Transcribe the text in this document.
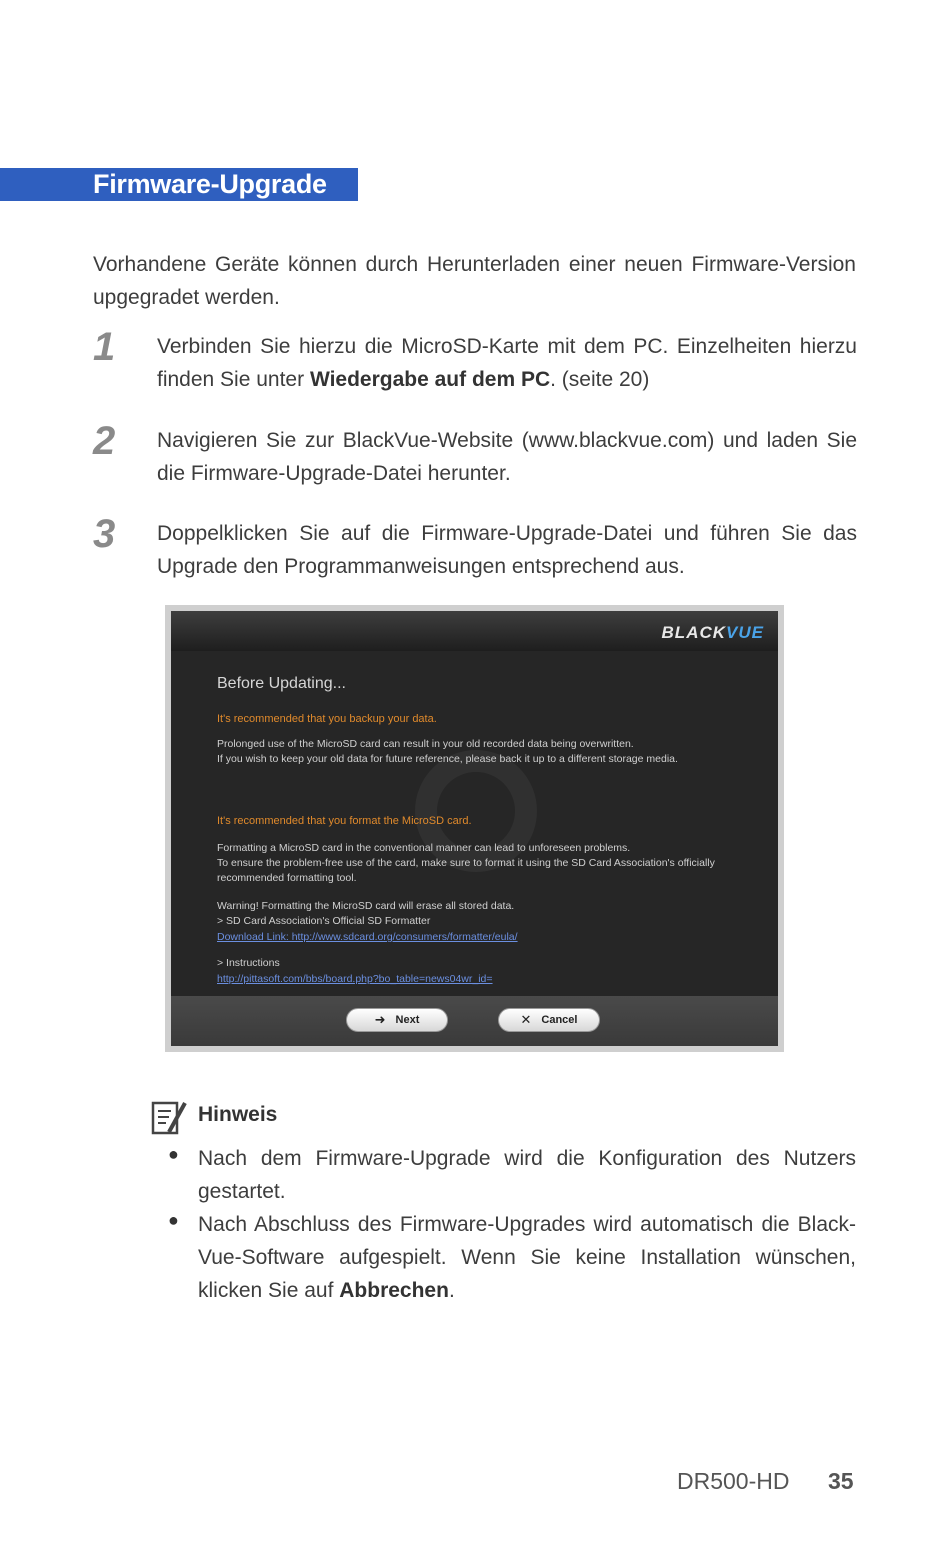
Firmware-Upgrade
Vorhandene Geräte können durch Herunterladen einer neuen Firmware-Version upgegradet werden.
1 Verbinden Sie hierzu die MicroSD-Karte mit dem PC. Einzelheiten hierzu finden Sie unter Wiedergabe auf dem PC. (seite 20)
2 Navigieren Sie zur BlackVue-Website (www.blackvue.com) und laden Sie die Firmware-Upgrade-Datei herunter.
3 Doppelklicken Sie auf die Firmware-Upgrade-Datei und führen Sie das Upgrade den Programmanweisungen entsprechend aus.
BLACKVUE
Before Updating...
It's recommended that you backup your data.
Prolonged use of the MicroSD card can result in your old recorded data being overwritten.
If you wish to keep your old data for future reference, please back it up to a different storage media.
It's recommended that you format the MicroSD card.
Formatting a MicroSD card in the conventional manner can lead to unforeseen problems.
To ensure the problem-free use of the card, make sure to format it using the SD Card Association's officially recommended formatting tool.
Warning! Formatting the MicroSD card will erase all stored data.
> SD Card Association's Official SD Formatter
Download Link: http://www.sdcard.org/consumers/formatter/eula/
> Instructions
http://pittasoft.com/bbs/board.php?bo_table=news04wr_id=
➜ Next	✕ Cancel
Hinweis
● Nach dem Firmware-Upgrade wird die Konfiguration des Nutzers gestartet.
● Nach Abschluss des Firmware-Upgrades wird automatisch die Black-Vue-Software aufgespielt. Wenn Sie keine Installation wünschen, klicken Sie auf Abbrechen.
DR500-HD 35
